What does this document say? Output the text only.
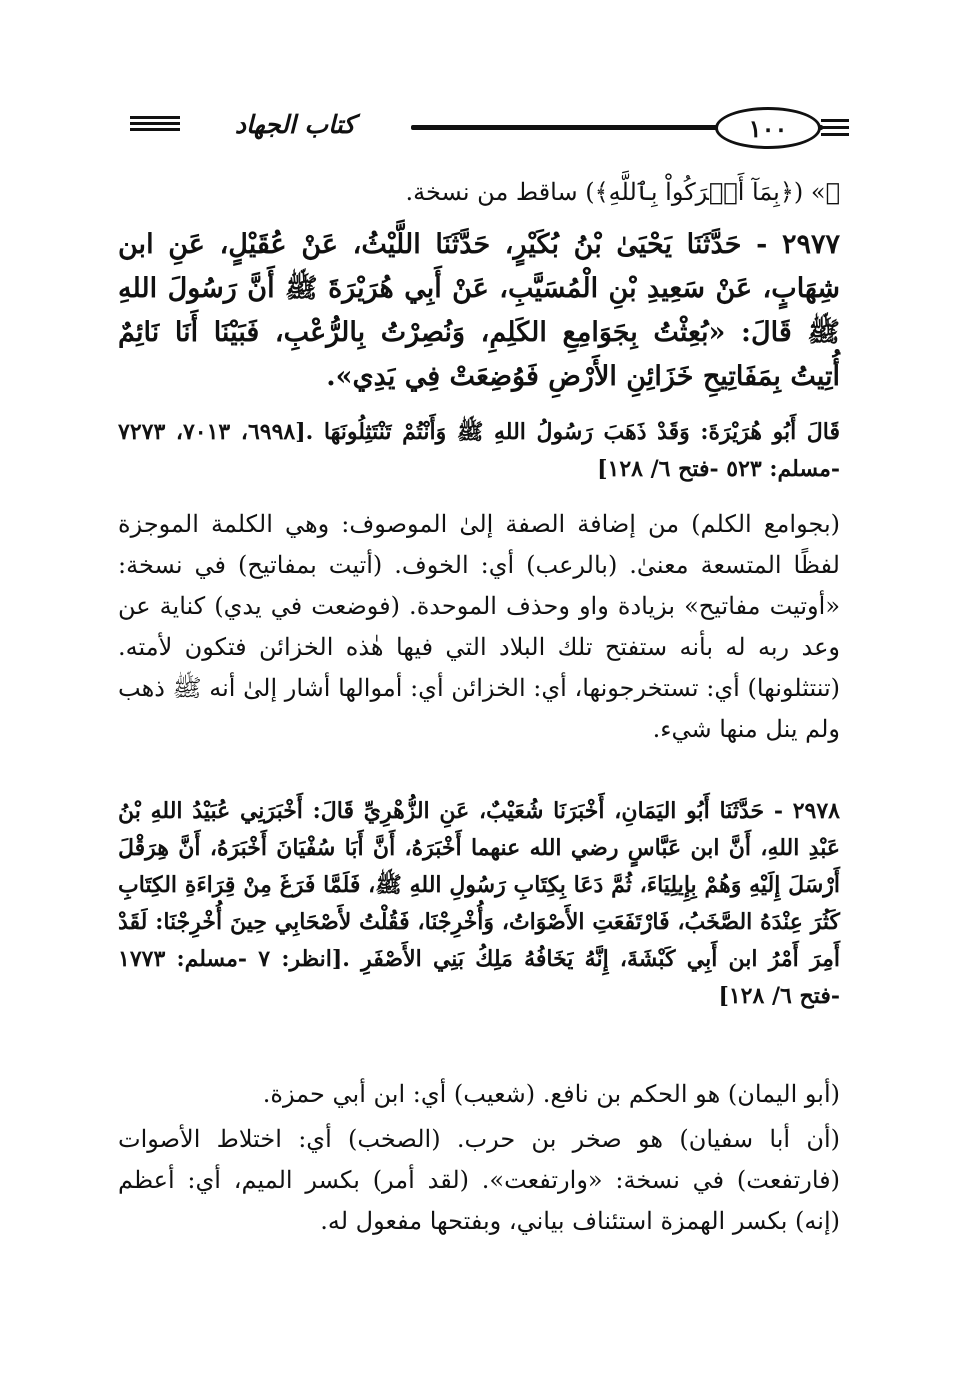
كتاب الجهاد	١٠٠
ﷺ» (﴿بِمَآ أَشۡرَكُواْ بِٱللَّهِ﴾) ساقط من نسخة.
٢٩٧٧ - حَدَّثَنَا يَحْيَىٰ بْنُ بُكَيْرٍ، حَدَّثَنَا اللَّيْثُ، عَنْ عُقَيْلٍ، عَنِ ابن شِهَابٍ، عَنْ سَعِيدِ بْنِ الْمُسَيَّبِ، عَنْ أَبِي هُرَيْرَةَ ﷺ أَنَّ رَسُولَ اللهِ ﷺ قَالَ: «بُعِثْتُ بِجَوَامِعِ الكَلِمِ، وَنُصِرْتُ بِالرُّعْبِ، فَبَيْنَا أَنَا نَائِمٌ أُتِيتُ بِمَفَاتِيحِ خَزَائِنِ الأَرْضِ فَوُضِعَتْ فِي يَدِي».
قَالَ أَبُو هُرَيْرَةَ: وَقَدْ ذَهَبَ رَسُولُ اللهِ ﷺ وَأَنْتُمْ تَنْتَثِلُونَهَا .[٦٩٩٨، ٧٠١٣، ٧٢٧٣ -مسلم: ٥٢٣ -فتح ٦/ ١٢٨]
(بجوامع الكلم) من إضافة الصفة إلىٰ الموصوف: وهي الكلمة الموجزة لفظًا المتسعة معنىٰ. (بالرعب) أي: الخوف. (أتيت بمفاتيح) في نسخة: «أوتيت مفاتيح» بزيادة واو وحذف الموحدة. (فوضعت في يدي) كناية عن وعد ربه له بأنه ستفتح تلك البلاد التي فيها هٰذه الخزائن فتكون لأمته. (تنتثلونها) أي: تستخرجونها، أي: الخزائن أي: أموالها أشار إلىٰ أنه ﷺ ذهب ولم ينل منها شيء.
٢٩٧٨ - حَدَّثَنَا أَبُو اليَمَانِ، أَخْبَرَنَا شُعَيْبٌ، عَنِ الزُّهْرِيِّ قَالَ: أَخْبَرَنِي عُبَيْدُ اللهِ بْنُ عَبْدِ اللهِ، أَنَّ ابن عَبَّاسٍ رضي الله عنهما أَخْبَرَهُ، أَنَّ أَبَا سُفْيَانَ أَخْبَرَهُ، أَنَّ هِرَقْلَ أَرْسَلَ إِلَيْهِ وَهُمْ بِإِيلِيَاءَ، ثُمَّ دَعَا بِكِتَابِ رَسُولِ اللهِ ﷺ، فَلَمَّا فَرَغَ مِنْ قِرَاءَةِ الكِتَابِ كَثُرَ عِنْدَهُ الصَّخَبُ، فَارْتَفَعَتِ الأَصْوَاتُ، وَأُخْرِجْنَا، فَقُلْتُ لأَصْحَابِي حِينَ أُخْرِجْنَا: لَقَدْ أَمِرَ أَمْرُ ابن أَبِي كَبْشَةَ، إِنَّهُ يَخَافُهُ مَلِكُ بَنِي الأَصْفَرِ .[انظر: ٧ -مسلم: ١٧٧٣ -فتح ٦/ ١٢٨]
(أبو اليمان) هو الحكم بن نافع. (شعيب) أي: ابن أبي حمزة.
(أن أبا سفيان) هو صخر بن حرب. (الصخب) أي: اختلاط الأصوات (فارتفعت) في نسخة: «وارتفعت». (لقد أمر) بكسر الميم، أي: أعظم (إنه) بكسر الهمزة استئناف بياني، وبفتحها مفعول له.
